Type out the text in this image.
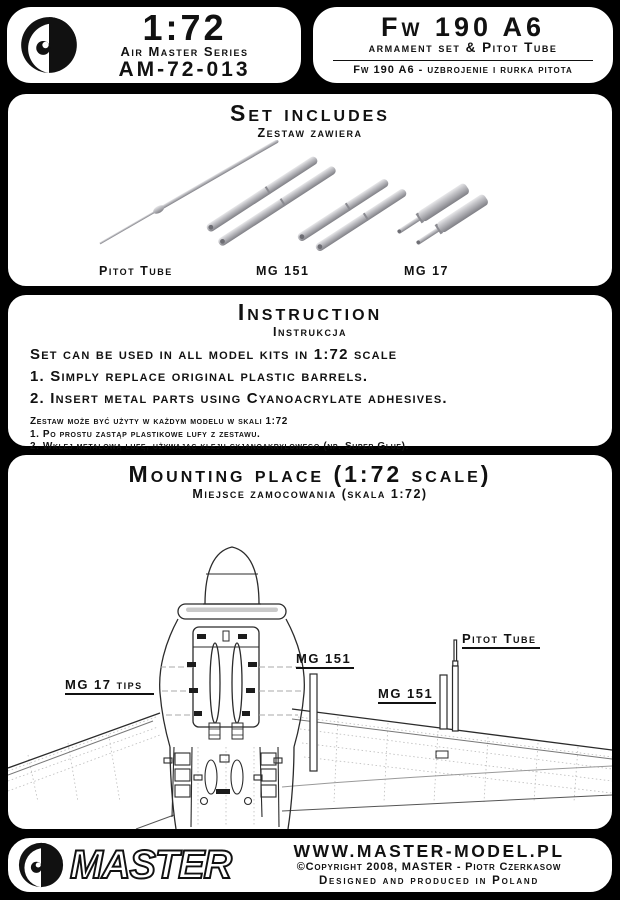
1:72
Air Master Series
AM-72-013
Fw 190 A6
armament set & Pitot Tube
Fw 190 A6 - uzbrojenie i rurka pitota
Set includes
Zestaw zawiera
Pitot Tube	MG 151	MG 17
Instruction
Instrukcja
Set can be used in all model kits in 1:72 scale
1. Simply replace original plastic barrels.
2. Insert metal parts using Cyanoacrylate adhesives.
Zestaw może być użyty w każdym modelu w skali 1:72
1. Po prostu zastąp plastikowe lufy z zestawu.
2. Wklej metalową lufę, używając kleju cyjanoakrylowego (np. Super Glue).
Mounting place (1:72 scale)
Miejsce zamocowania (skala 1:72)
MG 17 tips
MG 151
MG 151
Pitot Tube
MASTER	WWW.MASTER-MODEL.PL
©Copyright 2008, MASTER - Piotr Czerkasow
Designed and produced in Poland
